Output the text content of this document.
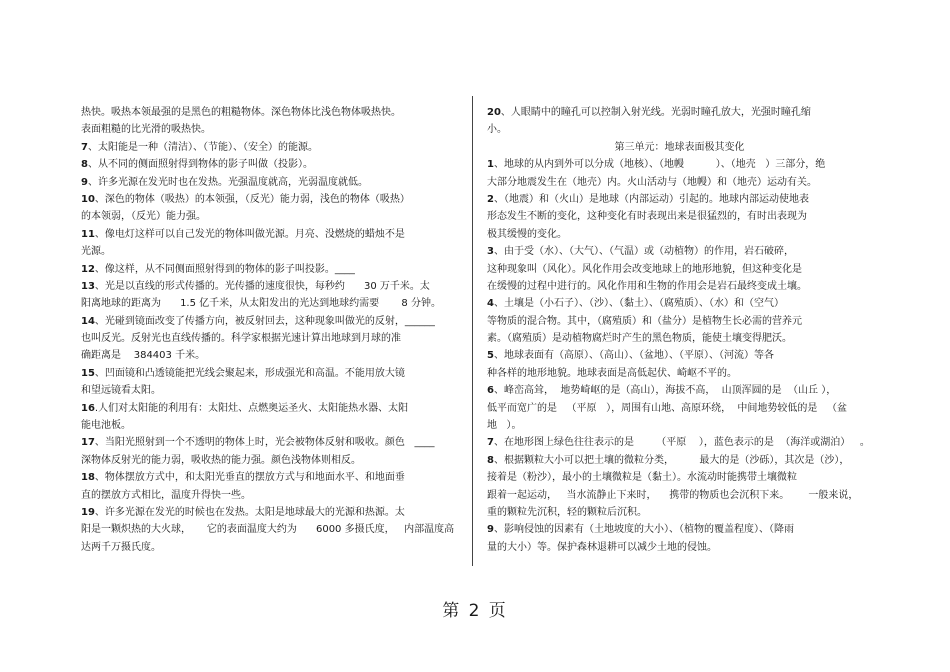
热快。吸热本领最强的是黑色的粗糙物体。深色物体比浅色物体吸热快。
表面粗糙的比光滑的吸热快。
7、太阳能是一种（清洁）、（节能）、（安全）的能源。
8、从不同的侧面照射得到物体的影子叫做（投影）。
9、许多光源在发光时也在发热。光强温度就高，光弱温度就低。
10、深色的物体（吸热）的本领强，（反光）能力弱，浅色的物体（吸热）
的本领弱，（反光）能力强。
11、像电灯这样可以自己发光的物体叫做光源。月亮、没燃烧的蜡烛不是
光源。
12、像这样，从不同侧面照射得到的物体的影子叫投影。____
13、光是以直线的形式传播的。光传播的速度很快，每秒约      30 万千米。太
阳离地球的距离为      1.5 亿千米，从太阳发出的光达到地球约需要       8 分钟。
14、光碰到镜面改变了传播方向，被反射回去，这种现象叫做光的反射，______
也叫反光。反射光也直线传播的。科学家根据光速计算出地球到月球的准
确距离是    384403 千米。
15、凹面镜和凸透镜能把光线会聚起来，形成强光和高温。不能用放大镜
和望远镜看太阳。
16.人们对太阳能的利用有：太阳灶、点燃奥运圣火、太阳能热水器、太阳
能电池板。
17、当阳光照射到一个不透明的物体上时，光会被物体反射和吸收。颜色   ____
深物体反射光的能力弱，吸收热的能力强。颜色浅物体则相反。
18、物体摆放方式中，和太阳光垂直的摆放方式与和地面水平、和地面垂
直的摆放方式相比，温度升得快一些。
19、许多光源在发光的时候也在发热。太阳是地球最大的光源和热源。太
阳是一颗炽热的大火球，     它的表面温度大约为      6000 多摄氏度，   内部温度高
达两千万摄氏度。
20、人眼睛中的瞳孔可以控制入射光线。光弱时瞳孔放大，光强时瞳孔缩
小。
第三单元：地球表面极其变化
1、地球的从内到外可以分成（地核）、（地幔          ）、（地壳   ）三部分，绝
大部分地震发生在（地壳）内。火山活动与（地幔）和（地壳）运动有关。
2、（地震）和（火山）是地球（内部运动）引起的。地球内部运动使地表
形态发生不断的变化，这种变化有时表现出来是很猛烈的，有时出表现为
极其缓慢的变化。
3、由于受（水）、（大气）、（气温）或（动植物）的作用，岩石破碎，
这种现象叫（风化）。风化作用会改变地球上的地形地貌，但这种变化是
在缓慢的过程中进行的。风化作用和生物的作用会是岩石最终变成土壤。
4、土壤是（小石子）、（沙）、（黏土）、（腐殖质）、（水）和（空气）
等物质的混合物。其中，（腐殖质）和（盐分）是植物生长必需的营养元
素。（腐殖质）是动植物腐烂时产生的黑色物质，能使土壤变得肥沃。
5、地球表面有（高原）、（高山）、（盆地）、（平原）、（河流）等各
种各样的地形地貌。地球表面是高低起伏、崎岖不平的。
6、峰峦高耸，  地势崎岖的是（高山），海拔不高，  山顶浑圆的是  （山丘 ），
低平而宽广的是   （平原   ），周围有山地、高原环绕，  中间地势较低的是   （盆
地   ）。
7、在地形图上绿色往往表示的是       （平原    ），蓝色表示的是  （海洋或湖泊）   。
8、根据颗粒大小可以把土壤的微粒分类，        最大的是（沙砾），其次是（沙），
接着是（粉沙），最小的土壤微粒是（黏土）。水流动时能携带土壤微粒
跟着一起运动，   当水流静止下来时，    携带的物质也会沉积下来。      一般来说，
重的颗粒先沉积，轻的颗粒后沉积。
9、影响侵蚀的因素有（土地坡度的大小）、（植物的覆盖程度）、（降雨
量的大小）等。保护森林退耕可以减少土地的侵蚀。
第 2 页
